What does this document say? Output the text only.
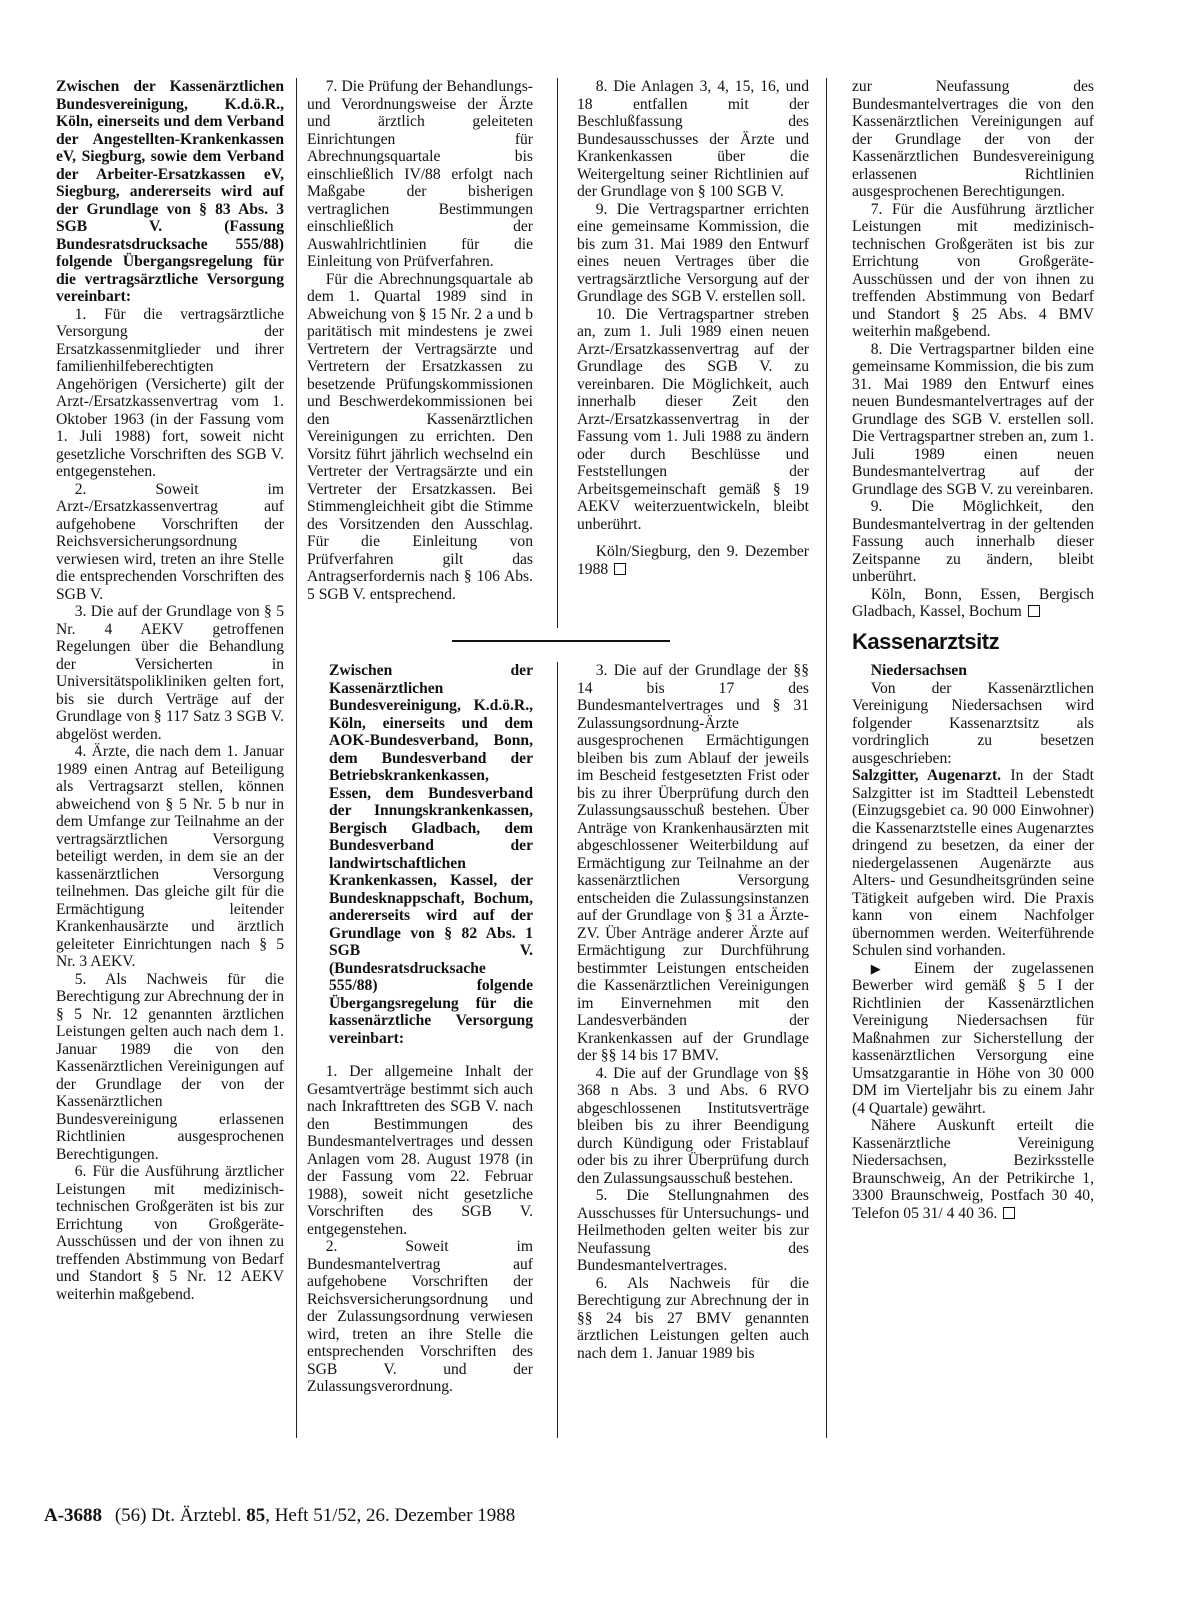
Zwischen der Kassenärztlichen Bundesvereinigung, K.d.ö.R., Köln, einerseits und dem Verband der Angestellten-Krankenkassen eV, Siegburg, sowie dem Verband der Arbeiter-Ersatzkassen eV, Siegburg, andererseits wird auf der Grundlage von § 83 Abs. 3 SGB V. (Fassung Bundesratsdrucksache 555/88) folgende Übergangsregelung für die vertragsärztliche Versorgung vereinbart:

1. Für die vertragsärztliche Versorgung der Ersatzkassenmitglieder und ihrer familienhilfeberechtigten Angehörigen (Versicherte) gilt der Arzt-/Ersatzkassenvertrag vom 1. Oktober 1963 (in der Fassung vom 1. Juli 1988) fort, soweit nicht gesetzliche Vorschriften des SGB V. entgegenstehen.

2. Soweit im Arzt-/Ersatzkassenvertrag auf aufgehobene Vorschriften der Reichsversicherungsordnung verwiesen wird, treten an ihre Stelle die entsprechenden Vorschriften des SGB V.

3. Die auf der Grundlage von § 5 Nr. 4 AEKV getroffenen Regelungen über die Behandlung der Versicherten in Universitätspolikliniken gelten fort, bis sie durch Verträge auf der Grundlage von § 117 Satz 3 SGB V. abgelöst werden.

4. Ärzte, die nach dem 1. Januar 1989 einen Antrag auf Beteiligung als Vertragsarzt stellen, können abweichend von § 5 Nr. 5 b nur in dem Umfange zur Teilnahme an der vertragsärztlichen Versorgung beteiligt werden, in dem sie an der kassenärztlichen Versorgung teilnehmen. Das gleiche gilt für die Ermächtigung leitender Krankenhausärzte und ärztlich geleiteter Einrichtungen nach § 5 Nr. 3 AEKV.

5. Als Nachweis für die Berechtigung zur Abrechnung der in § 5 Nr. 12 genannten ärztlichen Leistungen gelten auch nach dem 1. Januar 1989 die von den Kassenärztlichen Vereinigungen auf der Grundlage der von der Kassenärztlichen Bundesvereinigung erlassenen Richtlinien ausgesprochenen Berechtigungen.

6. Für die Ausführung ärztlicher Leistungen mit medizinisch-technischen Großgeräten ist bis zur Errichtung von Großgeräte-Ausschüssen und der von ihnen zu treffenden Abstimmung von Bedarf und Standort § 5 Nr. 12 AEKV weiterhin maßgebend.

7. Die Prüfung der Behandlungs- und Verordnungsweise der Ärzte und ärztlich geleiteten Einrichtungen für Abrechnungsquartale bis einschließlich IV/88 erfolgt nach Maßgabe der bisherigen vertraglichen Bestimmungen einschließlich der Auswahlrichtlinien für die Einleitung von Prüfverfahren.

Für die Abrechnungsquartale ab dem 1. Quartal 1989 sind in Abweichung von § 15 Nr. 2 a und b paritätisch mit mindestens je zwei Vertretern der Vertragsärzte und Vertretern der Ersatzkassen zu besetzende Prüfungskommissionen und Beschwerdekommissionen bei den Kassenärztlichen Vereinigungen zu errichten. Den Vorsitz führt jährlich wechselnd ein Vertreter der Vertragsärzte und ein Vertreter der Ersatzkassen. Bei Stimmengleichheit gibt die Stimme des Vorsitzenden den Ausschlag. Für die Einleitung von Prüfverfahren gilt das Antragserfordernis nach § 106 Abs. 5 SGB V. entsprechend.

8. Die Anlagen 3, 4, 15, 16, und 18 entfallen mit der Beschlußfassung des Bundesausschusses der Ärzte und Krankenkassen über die Weitergeltung seiner Richtlinien auf der Grundlage von § 100 SGB V.

9. Die Vertragspartner errichten eine gemeinsame Kommission, die bis zum 31. Mai 1989 den Entwurf eines neuen Vertrages über die vertragsärztliche Versorgung auf der Grundlage des SGB V. erstellen soll.

10. Die Vertragspartner streben an, zum 1. Juli 1989 einen neuen Arzt-/Ersatzkassenvertrag auf der Grundlage des SGB V. zu vereinbaren. Die Möglichkeit, auch innerhalb dieser Zeit den Arzt-/Ersatzkassenvertrag in der Fassung vom 1. Juli 1988 zu ändern oder durch Beschlüsse und Feststellungen der Arbeitsgemeinschaft gemäß § 19 AEKV weiterzuentwickeln, bleibt unberührt.

Köln/Siegburg, den 9. Dezember 1988

Zwischen der Kassenärztlichen Bundesvereinigung, K.d.ö.R., Köln, einerseits und dem AOK-Bundesverband, Bonn, dem Bundesverband der Betriebskrankenkassen, Essen, dem Bundesverband der Innungskrankenkassen, Bergisch Gladbach, dem Bundesverband der landwirtschaftlichen Krankenkassen, Kassel, der Bundesknappschaft, Bochum, andererseits wird auf der Grundlage von § 82 Abs. 1 SGB V. (Bundesratsdrucksache 555/88) folgende Übergangsregelung für die kassenärztliche Versorgung vereinbart:

1. Der allgemeine Inhalt der Gesamtverträge bestimmt sich auch nach Inkrafttreten des SGB V. nach den Bestimmungen des Bundesmantelvertrages und dessen Anlagen vom 28. August 1978 (in der Fassung vom 22. Februar 1988), soweit nicht gesetzliche Vorschriften des SGB V. entgegenstehen.

2. Soweit im Bundesmantelvertrag auf aufgehobene Vorschriften der Reichsversicherungsordnung und der Zulassungsordnung verwiesen wird, treten an ihre Stelle die entsprechenden Vorschriften des SGB V. und der Zulassungsverordnung.

3. Die auf der Grundlage der §§ 14 bis 17 des Bundesmantelvertrages und § 31 Zulassungsordnung-Ärzte ausgesprochenen Ermächtigungen bleiben bis zum Ablauf der jeweils im Bescheid festgesetzten Frist oder bis zu ihrer Überprüfung durch den Zulassungsausschuß bestehen. Über Anträge von Krankenhausärzten mit abgeschlossener Weiterbildung auf Ermächtigung zur Teilnahme an der kassenärztlichen Versorgung entscheiden die Zulassungsinstanzen auf der Grundlage von § 31 a Ärzte-ZV. Über Anträge anderer Ärzte auf Ermächtigung zur Durchführung bestimmter Leistungen entscheiden die Kassenärztlichen Vereinigungen im Einvernehmen mit den Landesverbänden der Krankenkassen auf der Grundlage der §§ 14 bis 17 BMV.

4. Die auf der Grundlage von §§ 368 n Abs. 3 und Abs. 6 RVO abgeschlossenen Institutsverträge bleiben bis zu ihrer Beendigung durch Kündigung oder Fristablauf oder bis zu ihrer Überprüfung durch den Zulassungsausschuß bestehen.

5. Die Stellungnahmen des Ausschusses für Untersuchungs- und Heilmethoden gelten weiter bis zur Neufassung des Bundesmantelvertrages.

6. Als Nachweis für die Berechtigung zur Abrechnung der in §§ 24 bis 27 BMV genannten ärztlichen Leistungen gelten auch nach dem 1. Januar 1989 bis

zur Neufassung des Bundesmantelvertrages die von den Kassenärztlichen Vereinigungen auf der Grundlage der von der Kassenärztlichen Bundesvereinigung erlassenen Richtlinien ausgesprochenen Berechtigungen.

7. Für die Ausführung ärztlicher Leistungen mit medizinisch-technischen Großgeräten ist bis zur Errichtung von Großgeräte-Ausschüssen und der von ihnen zu treffenden Abstimmung von Bedarf und Standort § 25 Abs. 4 BMV weiterhin maßgebend.

8. Die Vertragspartner bilden eine gemeinsame Kommission, die bis zum 31. Mai 1989 den Entwurf eines neuen Bundesmantelvertrages auf der Grundlage des SGB V. erstellen soll. Die Vertragspartner streben an, zum 1. Juli 1989 einen neuen Bundesmantelvertrag auf der Grundlage des SGB V. zu vereinbaren.

9. Die Möglichkeit, den Bundesmantelvertrag in der geltenden Fassung auch innerhalb dieser Zeitspanne zu ändern, bleibt unberührt.

Köln, Bonn, Essen, Bergisch Gladbach, Kassel, Bochum

Kassenarztsitz

Niedersachsen

Von der Kassenärztlichen Vereinigung Niedersachsen wird folgender Kassenarztsitz als vordringlich zu besetzen ausgeschrieben:

Salzgitter, Augenarzt. In der Stadt Salzgitter ist im Stadtteil Lebenstedt (Einzugsgebiet ca. 90 000 Einwohner) die Kassenarztstelle eines Augenarztes dringend zu besetzen, da einer der niedergelassenen Augenärzte aus Alters- und Gesundheitsgründen seine Tätigkeit aufgeben wird. Die Praxis kann von einem Nachfolger übernommen werden. Weiterführende Schulen sind vorhanden.

▶ Einem der zugelassenen Bewerber wird gemäß § 5 I der Richtlinien der Kassenärztlichen Vereinigung Niedersachsen für Maßnahmen zur Sicherstellung der kassenärztlichen Versorgung eine Umsatzgarantie in Höhe von 30 000 DM im Vierteljahr bis zu einem Jahr (4 Quartale) gewährt.

Nähere Auskunft erteilt die Kassenärztliche Vereinigung Niedersachsen, Bezirksstelle Braunschweig, An der Petrikirche 1, 3300 Braunschweig, Postfach 30 40, Telefon 05 31/ 4 40 36.

A-3688 (56) Dt. Ärztebl. 85, Heft 51/52, 26. Dezember 1988
